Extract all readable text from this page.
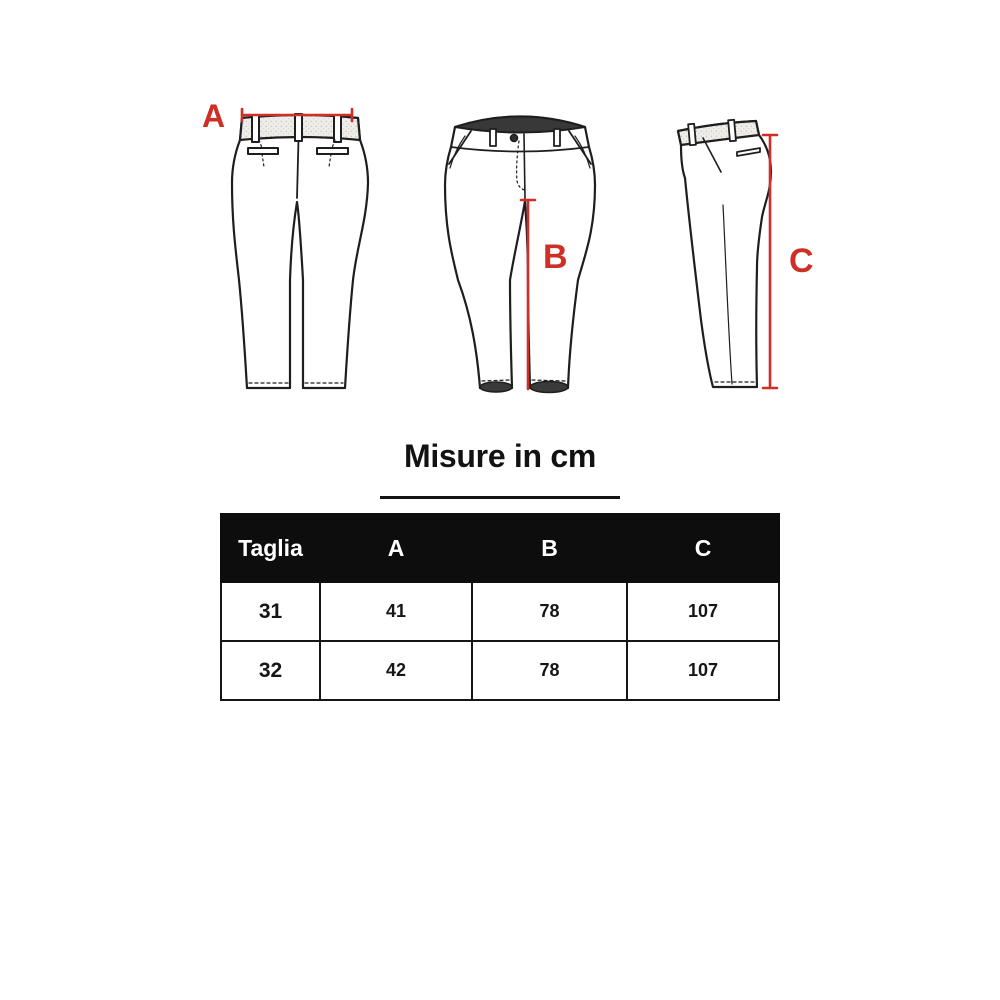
A
B	C
Misure in cm
Taglia	A	B	C
31	41	78	107
32	42	78	107
